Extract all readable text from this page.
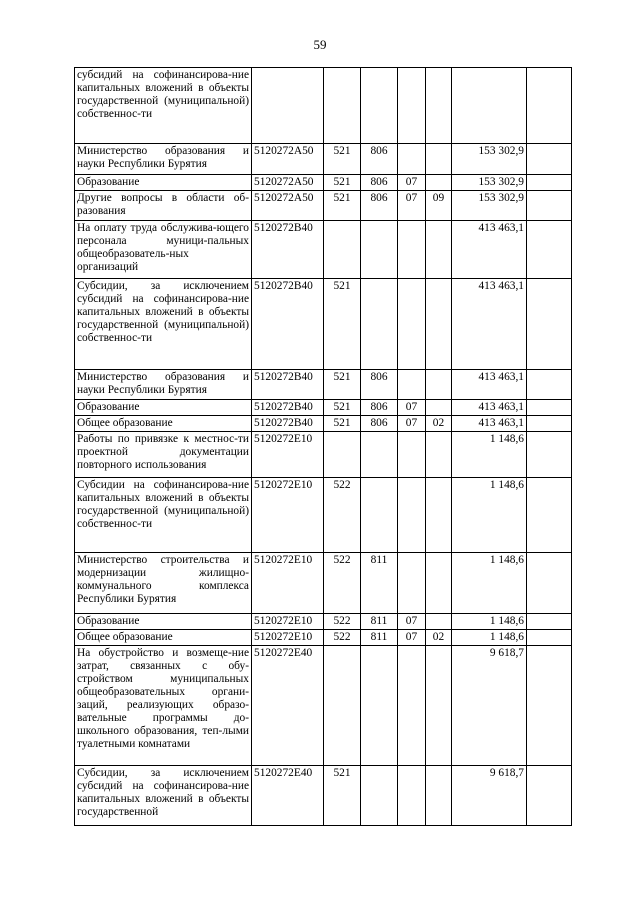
59
субсидий на софинансирова-ние капитальных вложений в объекты государственной (муниципальной) собственнос-ти							
Министерство образования и науки Республики Бурятия	5120272A50	521	806			153 302,9	
Образование	5120272A50	521	806	07		153 302,9	
Другие вопросы в области об-разования	5120272A50	521	806	07	09	153 302,9	
На оплату труда обслужива-ющего персонала муници-пальных общеобразователь-ных организаций	5120272B40					413 463,1	
Субсидии, за исключением субсидий на софинансирова-ние капитальных вложений в объекты государственной (муниципальной) собственнос-ти	5120272B40	521				413 463,1	
Министерство образования и науки Республики Бурятия	5120272B40	521	806			413 463,1	
Образование	5120272B40	521	806	07		413 463,1	
Общее образование	5120272B40	521	806	07	02	413 463,1	
Работы по привязке к местнос-ти проектной документации повторного использования	5120272E10					1 148,6	
Субсидии на софинансирова-ние капитальных вложений в объекты государственной (муниципальной) собственнос-ти	5120272E10	522				1 148,6	
Министерство строительства и модернизации жилищно-коммунального комплекса Республики Бурятия	5120272E10	522	811			1 148,6	
Образование	5120272E10	522	811	07		1 148,6	
Общее образование	5120272E10	522	811	07	02	1 148,6	
На обустройство и возмеще-ние затрат, связанных с обу-стройством муниципальных общеобразовательных органи-заций, реализующих образо-вательные программы до-школьного образования, теп-лыми туалетными комнатами	5120272E40					9 618,7	
Субсидии, за исключением субсидий на софинансирова-ние капитальных вложений в объекты государственной	5120272E40	521				9 618,7	
